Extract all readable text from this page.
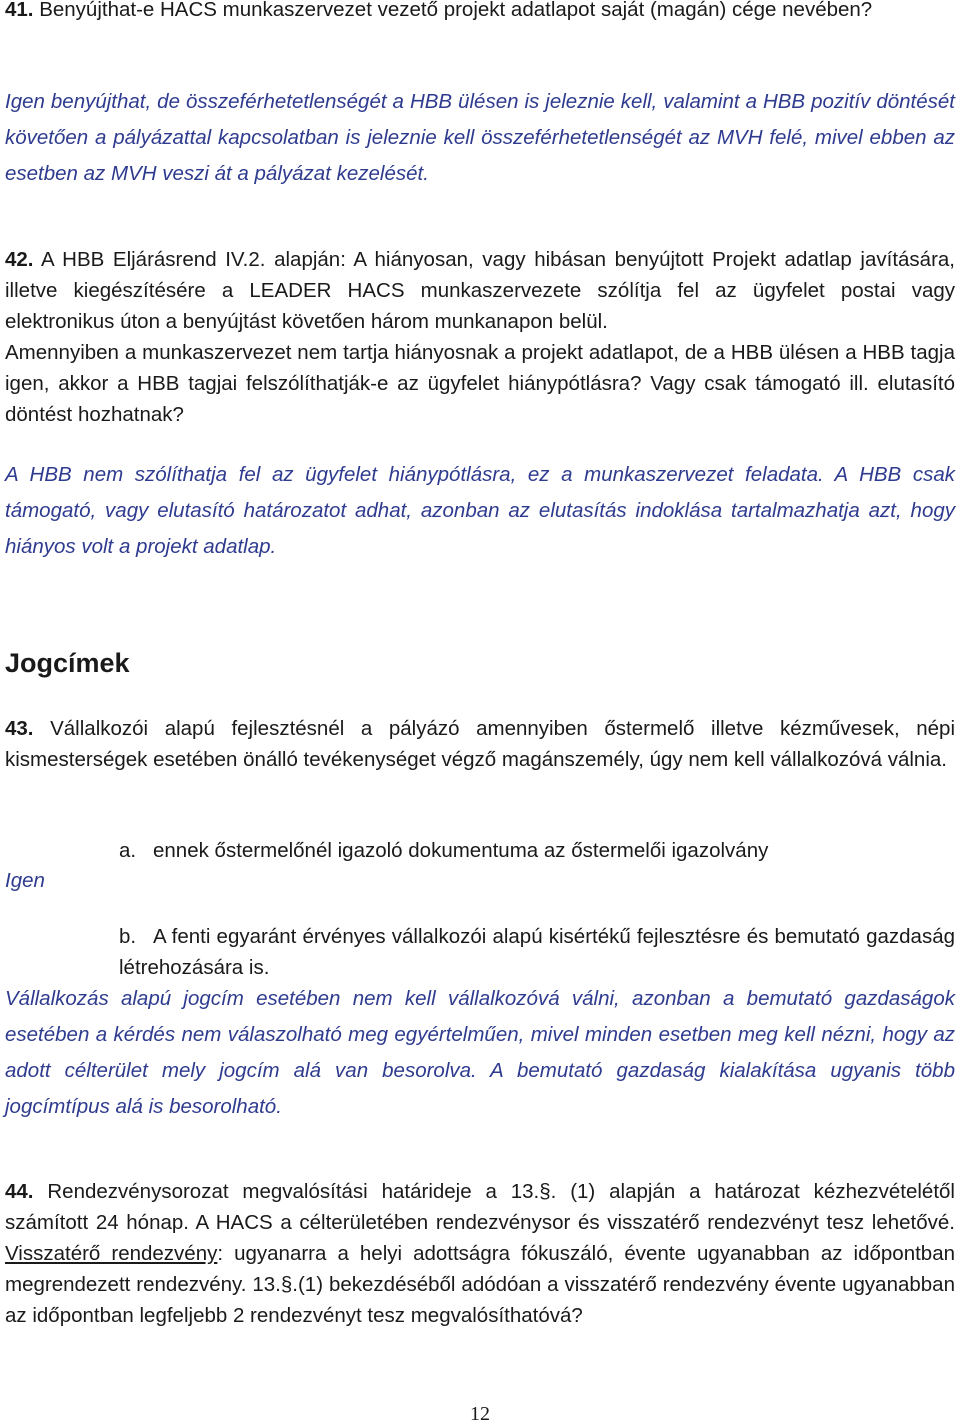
41. Benyújthat-e HACS munkaszervezet vezető projekt adatlapot saját (magán) cége nevében?
Igen benyújthat, de összeférhetetlenségét a HBB ülésen is jeleznie kell, valamint a HBB pozitív döntését követően a pályázattal kapcsolatban is jeleznie kell összeférhetetlenségét az MVH felé, mivel ebben az esetben az MVH veszi át a pályázat kezelését.
42. A HBB Eljárásrend IV.2. alapján: A hiányosan, vagy hibásan benyújtott Projekt adatlap javítására, illetve kiegészítésére a LEADER HACS munkaszervezete szólítja fel az ügyfelet postai vagy elektronikus úton a benyújtást követően három munkanapon belül.
Amennyiben a munkaszervezet nem tartja hiányosnak a projekt adatlapot, de a HBB ülésen a HBB tagja igen, akkor a HBB tagjai felszólíthatják-e az ügyfelet hiánypótlásra? Vagy csak támogató ill. elutasító döntést hozhatnak?
A HBB nem szólíthatja fel az ügyfelet hiánypótlásra, ez a munkaszervezet feladata. A HBB csak támogató, vagy elutasító határozatot adhat, azonban az elutasítás indoklása tartalmazhatja azt, hogy hiányos volt a projekt adatlap.
Jogcímek
43. Vállalkozói alapú fejlesztésnél a pályázó amennyiben őstermelő illetve kézművesek, népi kismesterségek esetében önálló tevékenységet végző magánszemély, úgy nem kell vállalkozóvá válnia.
Igen
a. ennek őstermelőnél igazoló dokumentuma az őstermelői igazolvány
b. A fenti egyaránt érvényes vállalkozói alapú kisértékű fejlesztésre és bemutató gazdaság létrehozására is.
Vállalkozás alapú jogcím esetében nem kell vállalkozóvá válni, azonban a bemutató gazdaságok esetében a kérdés nem válaszolható meg egyértelműen, mivel minden esetben meg kell nézni, hogy az adott célterület mely jogcím alá van besorolva. A bemutató gazdaság kialakítása ugyanis több jogcímtípus alá is besorolható.
44. Rendezvénysorozat megvalósítási határideje a 13.§. (1) alapján a határozat kézhezvételétől számított 24 hónap. A HACS a célterületében rendezvénysor és visszatérő rendezvényt tesz lehetővé. Visszatérő rendezvény: ugyanarra a helyi adottságra fókuszáló, évente ugyanabban az időpontban megrendezett rendezvény. 13.§.(1) bekezdéséből adódóan a visszatérő rendezvény évente ugyanabban az időpontban legfeljebb 2 rendezvényt tesz megvalósíthatóvá?
12
